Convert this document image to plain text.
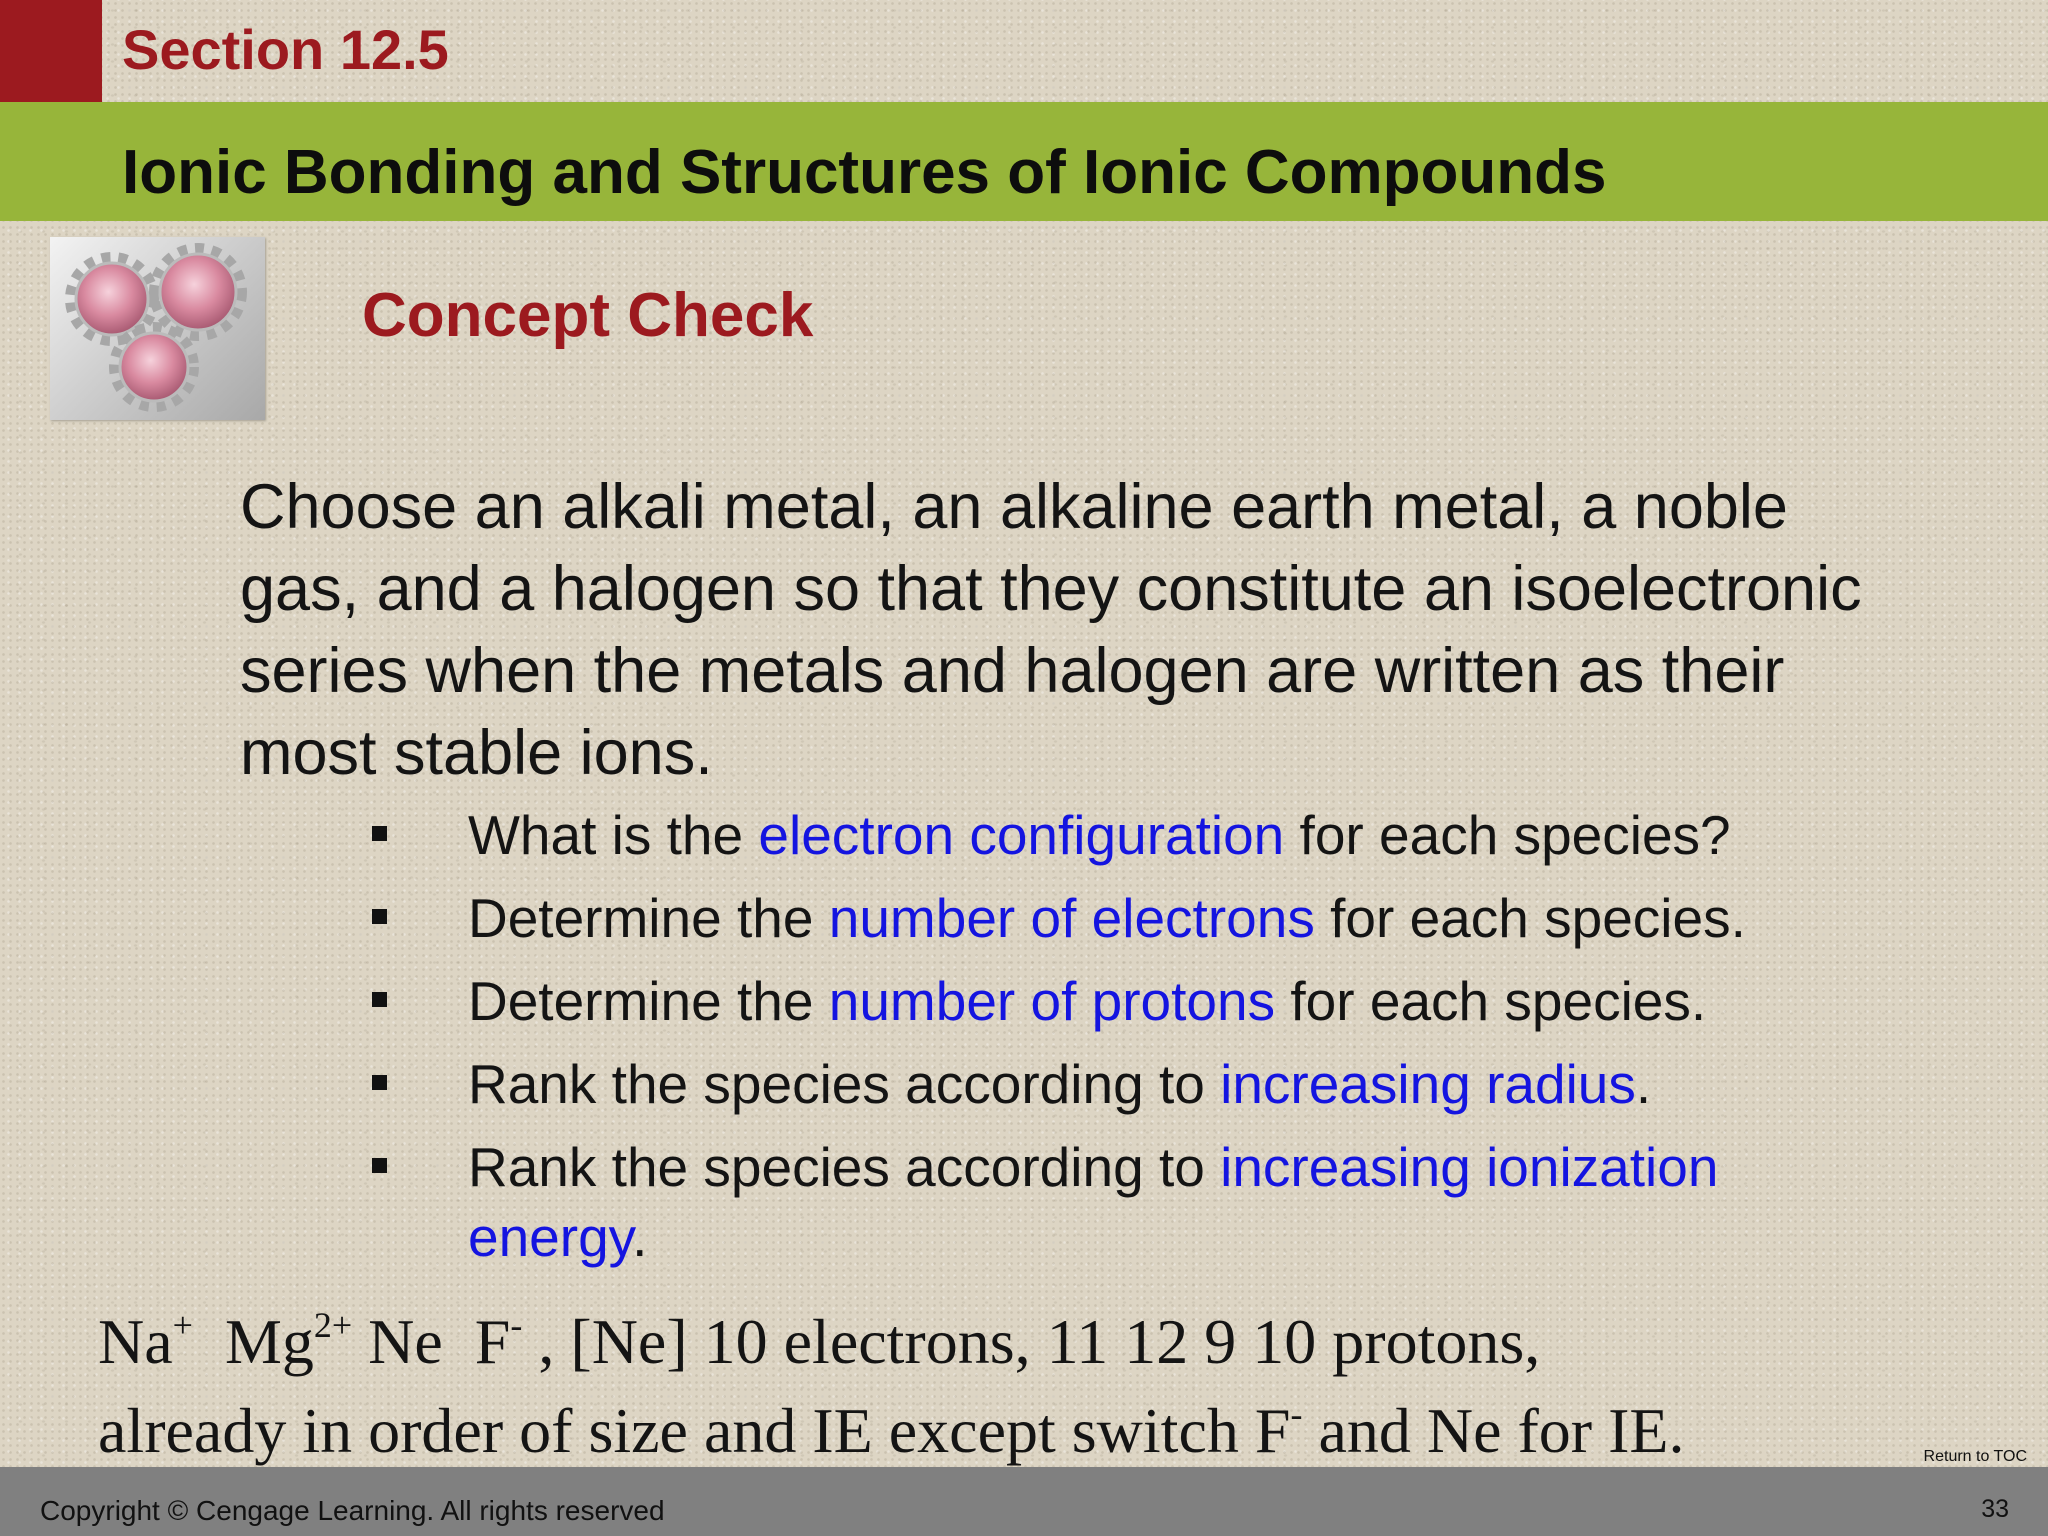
Section 12.5
Ionic Bonding and Structures of Ionic Compounds
Concept Check

Choose an alkali metal, an alkaline earth metal, a noble gas, and a halogen so that they constitute an isoelectronic series when the metals and halogen are written as their most stable ions.

What is the electron configuration for each species?
Determine the number of electrons for each species.
Determine the number of protons for each species.
Rank the species according to increasing radius.
Rank the species according to increasing ionization energy.

Na+ $Mg^{2+}$ Ne F- , [Ne] 10 electrons, 11 12 9 10 protons,
already in order of size and IE except switch F- and Ne for IE.	Return to TOC

Copyright © Cengage Learning. All rights reserved	33
